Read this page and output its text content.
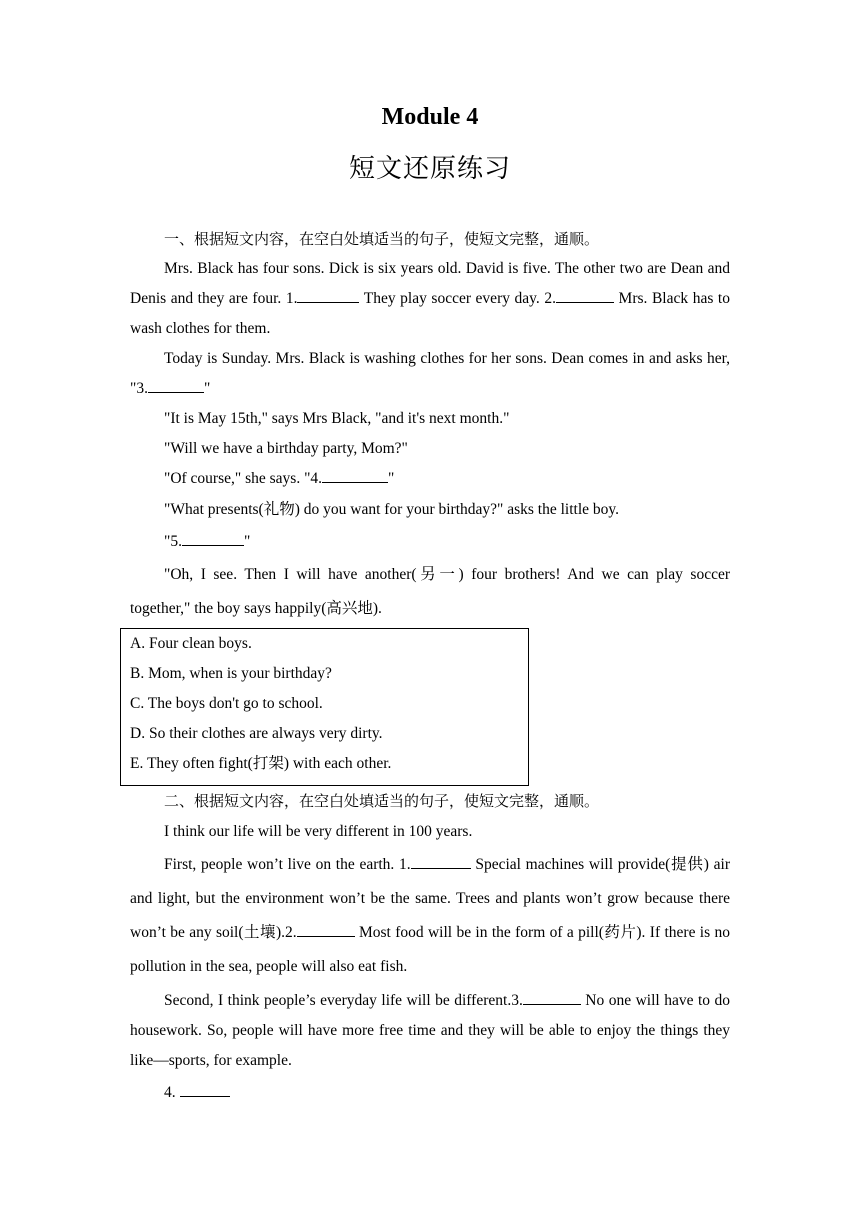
Module 4
短文还原练习

一、根据短文内容，在空白处填适当的句子，使短文完整，通顺。

Mrs. Black has four sons. Dick is six years old. David is five. The other two are Dean and Denis and they are four. 1.	They play soccer every day. 2.	Mrs. Black has to wash clothes for them.

Today is Sunday. Mrs. Black is washing clothes for her sons. Dean comes in and asks her, "3.	"

"It is May 15th," says Mrs Black, "and it's next month."

"Will we have a birthday party, Mom?"

"Of course," she says. "4.	"

"What presents(礼物) do you want for your birthday?" asks the little boy.

"5.	"

"Oh, I see. Then I will have another(另一) four brothers! And we can play soccer together," the boy says happily(高兴地).

A. Four clean boys.

B. Mom, when is your birthday?

C. The boys don't go to school.

D. So their clothes are always very dirty.

E. They often fight(打架) with each other.

二、根据短文内容，在空白处填适当的句子，使短文完整，通顺。

I think our life will be very different in 100 years.

First, people won’t live on the earth. 1.	Special machines will provide(提供) air and light, but the environment won’t be the same. Trees and plants won’t grow because there won’t be any soil(土壤).2.	Most food will be in the form of a pill(药片). If there is no pollution in the sea, people will also eat fish.

Second, I think people’s everyday life will be different.3.	No one will have to do housework. So, people will have more free time and they will be able to enjoy the things they like—sports, for example.

4.
